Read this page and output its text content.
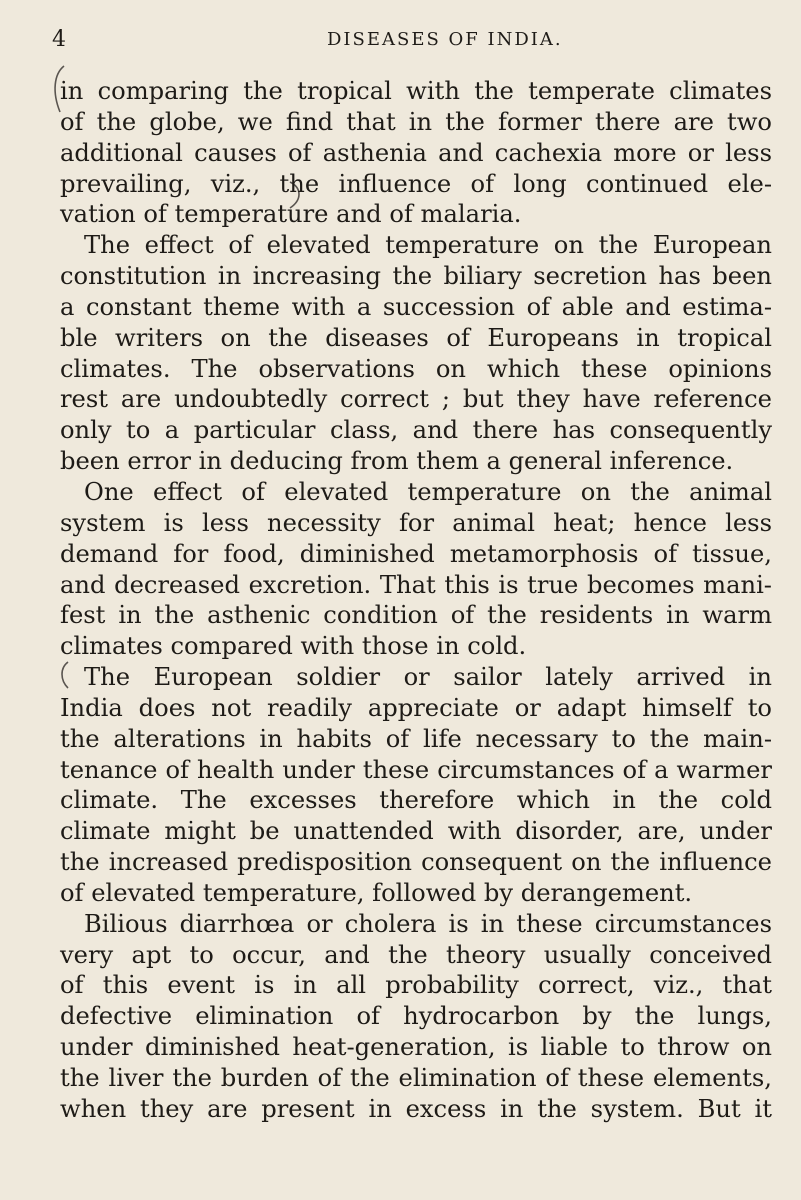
4	DISEASES OF INDIA.
in comparing the tropical with the temperate climates
of the globe, we find that in the former there are two
additional causes of asthenia and cachexia more or less
prevailing, viz., the influence of long continued ele-
vation of temperature and of malaria.
The effect of elevated temperature on the European
constitution in increasing the biliary secretion has been
a constant theme with a succession of able and estima-
ble writers on the diseases of Europeans in tropical
climates. The observations on which these opinions
rest are undoubtedly correct ; but they have reference
only to a particular class, and there has consequently
been error in deducing from them a general inference.
One effect of elevated temperature on the animal
system is less necessity for animal heat; hence less
demand for food, diminished metamorphosis of tissue,
and decreased excretion. That this is true becomes mani-
fest in the asthenic condition of the residents in warm
climates compared with those in cold.
The European soldier or sailor lately arrived in
India does not readily appreciate or adapt himself to
the alterations in habits of life necessary to the main-
tenance of health under these circumstances of a warmer
climate. The excesses therefore which in the cold
climate might be unattended with disorder, are, under
the increased predisposition consequent on the influence
of elevated temperature, followed by derangement.
Bilious diarrhœa or cholera is in these circumstances
very apt to occur, and the theory usually conceived
of this event is in all probability correct, viz., that
defective elimination of hydrocarbon by the lungs,
under diminished heat-generation, is liable to throw on
the liver the burden of the elimination of these elements,
when they are present in excess in the system. But it
